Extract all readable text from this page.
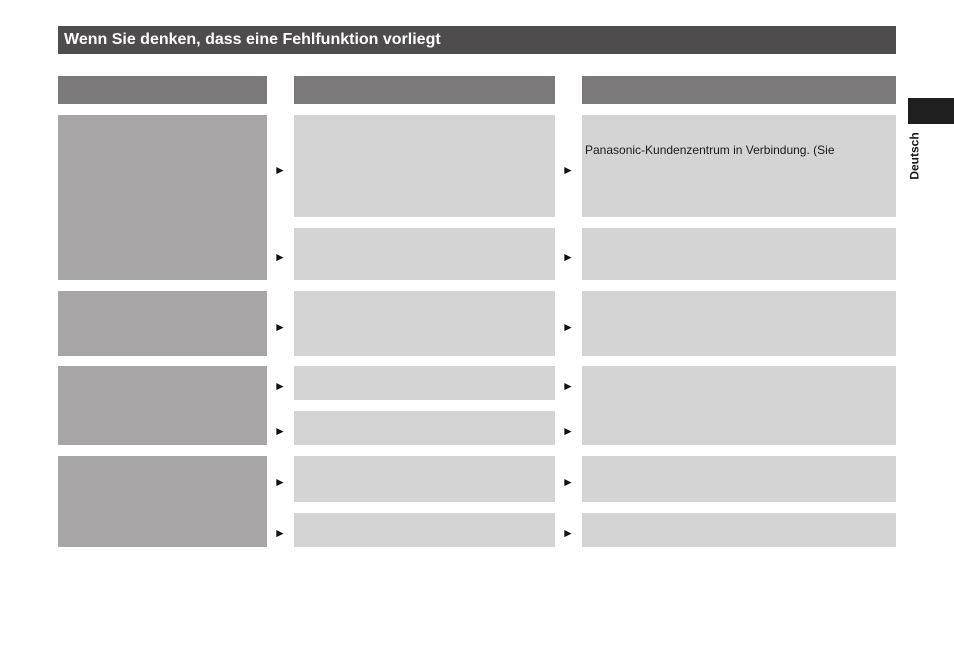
Wenn Sie denken, dass eine Fehlfunktion vorliegt
Panasonic-Kundenzentrum in Verbindung. (Sie
►
►
►
►
►
►
►
►
►
►
►
►
►
►
Deutsch
